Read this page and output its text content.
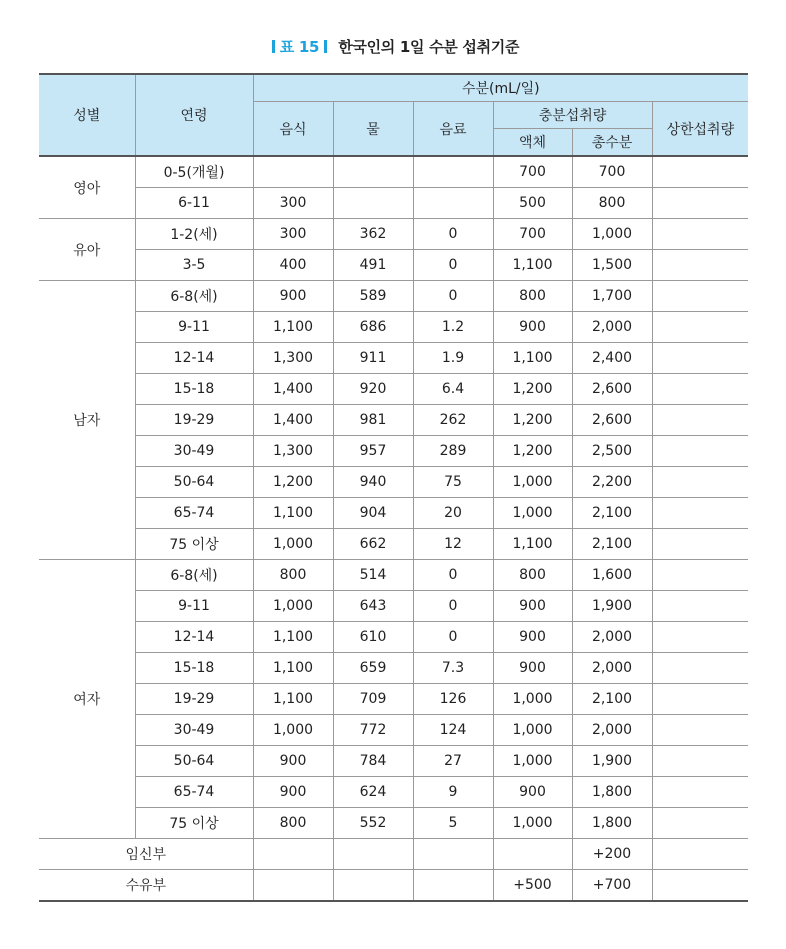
표 15 한국인의 1일 수분 섭취기준
성별	연령	수분(mL/일)					
		음식	물	음료	충분섭취량		상한섭취량
					액체	총수분	
영아	0-5(개월)				700	700	
	6-11	300			500	800	
유아	1-2(세)	300	362	0	700	1,000	
	3-5	400	491	0	1,100	1,500	
남자	6-8(세)	900	589	0	800	1,700	
	9-11	1,100	686	1.2	900	2,000	
	12-14	1,300	911	1.9	1,100	2,400	
	15-18	1,400	920	6.4	1,200	2,600	
	19-29	1,400	981	262	1,200	2,600	
	30-49	1,300	957	289	1,200	2,500	
	50-64	1,200	940	75	1,000	2,200	
	65-74	1,100	904	20	1,000	2,100	
	75 이상	1,000	662	12	1,100	2,100	
여자	6-8(세)	800	514	0	800	1,600	
	9-11	1,000	643	0	900	1,900	
	12-14	1,100	610	0	900	2,000	
	15-18	1,100	659	7.3	900	2,000	
	19-29	1,100	709	126	1,000	2,100	
	30-49	1,000	772	124	1,000	2,000	
	50-64	900	784	27	1,000	1,900	
	65-74	900	624	9	900	1,800	
	75 이상	800	552	5	1,000	1,800	
임신부						+200	
수유부					+500	+700	
